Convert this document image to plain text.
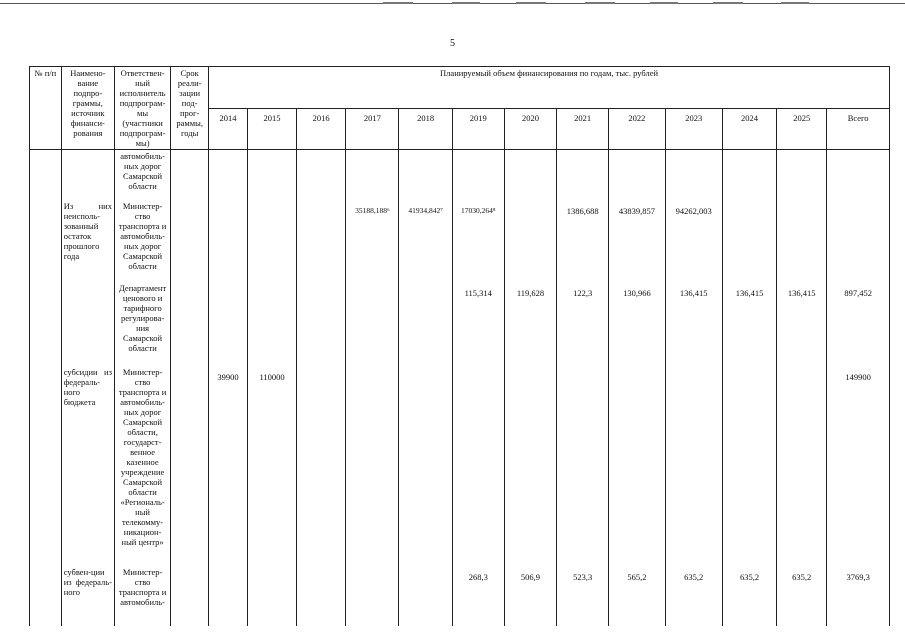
5
№ п/п	Наимено-вание подпро-граммы, источник финанси-рования	Ответствен-ный исполнитель подпрограм-мы (участники подпрограм-мы)	Срок реали-зации под-прог-раммы, годы	Планируемый объем финансирования по годам, тыс. рублей												
				2014	2015	2016	2017	2018	2019	2020	2021	2022	2023	2024	2025	Всего
		автомобиль-ных дорог Самарской области														
	Из них неисполь-зованный остаток прошлого года	Министер-ство транспорта и автомобиль-ных дорог Самарской области					35188,188⁶	41934,842⁷	17030,264⁸		1386,688	43839,857	94262,003			
		Департамент ценового и тарифного регулирова-ния Самарской области							115,314	119,628	122,3	130,966	136,415	136,415	136,415	897,452
	субсидии из федераль-ного бюджета	Министер-ство транспорта и автомобиль-ных дорог Самарской области, государст-венное казенное учреждение Самарской области «Региональ-ный телекомму-никацион-ный центр»		39900	110000											149900
	субвен-ции из федераль-ного	Министер-ство транспорта и автомобиль-							268,3	506,9	523,3	565,2	635,2	635,2	635,2	3769,3
